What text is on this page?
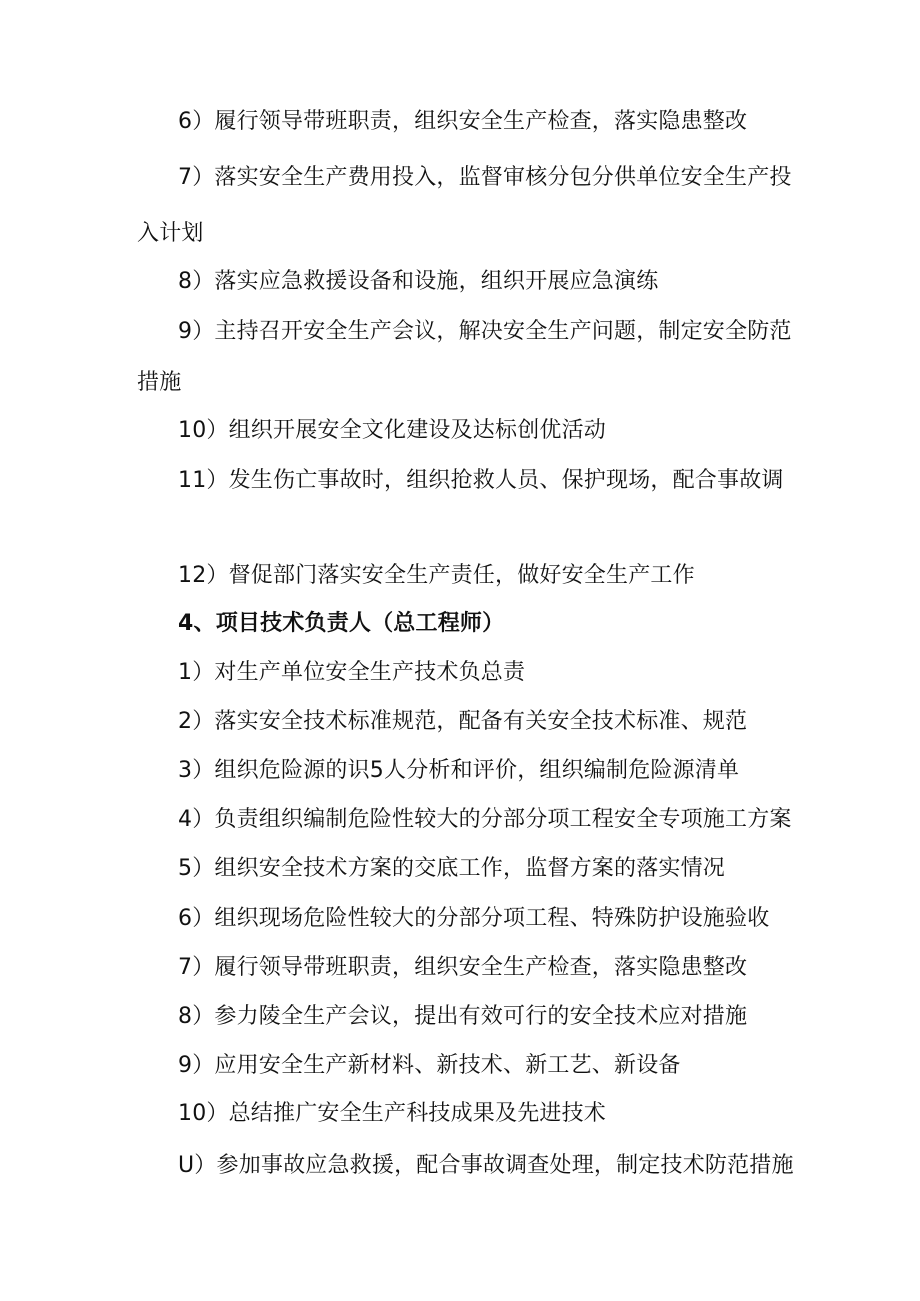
6）履行领导带班职责，组织安全生产检查，落实隐患整改
7）落实安全生产费用投入，监督审核分包分供单位安全生产投
入计划
8）落实应急救援设备和设施，组织开展应急演练
9）主持召开安全生产会议，解决安全生产问题，制定安全防范
措施
10）组织开展安全文化建设及达标创优活动
11）发生伤亡事故时，组织抢救人员、保护现场，配合事故调
12）督促部门落实安全生产责任，做好安全生产工作
4、项目技术负责人（总工程师）
1）对生产单位安全生产技术负总责
2）落实安全技术标准规范，配备有关安全技术标准、规范
3）组织危险源的识5人分析和评价，组织编制危险源清单
4）负责组织编制危险性较大的分部分项工程安全专项施工方案
5）组织安全技术方案的交底工作，监督方案的落实情况
6）组织现场危险性较大的分部分项工程、特殊防护设施验收
7）履行领导带班职责，组织安全生产检查，落实隐患整改
8）参力陵全生产会议，提出有效可行的安全技术应对措施
9）应用安全生产新材料、新技术、新工艺、新设备
10）总结推广安全生产科技成果及先进技术
U）参加事故应急救援，配合事故调查处理，制定技术防范措施
